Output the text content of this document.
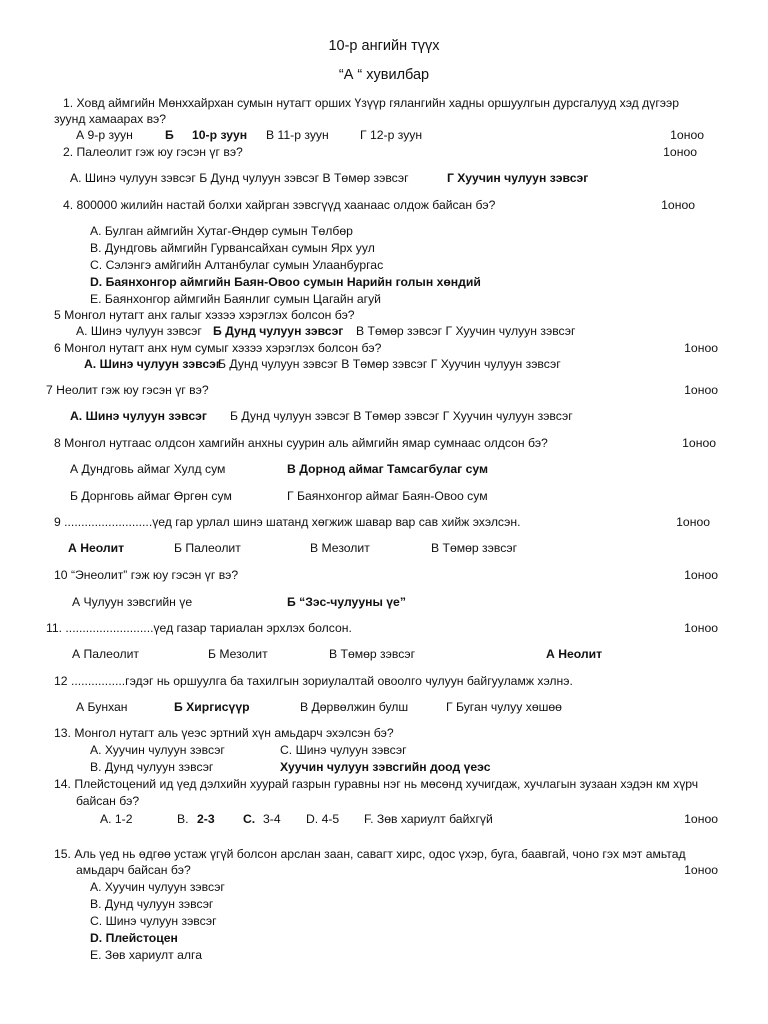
10-р ангийн түүх
“А “ хувилбар
1. Ховд аймгийн Мөнххайрхан сумын нутагт орших Үзүүр гялангийн хадны оршуулгын дурсгалууд хэд дүгээр
зуунд хамаарах вэ?
А 9-р зуун	Б 10-р зуун В 11-р зуун	Г 12-р зуун	1оноо
2. Палеолит гэж юу гэсэн үг вэ?	1оноо
А. Шинэ чулуун зэвсэг Б Дунд чулуун зэвсэг В Төмөр зэвсэг	Г Хуучин чулуун зэвсэг
4. 800000 жилийн настай болхи хайрган зэвсгүүд хаанаас олдож байсан бэ?	1оноо
A. Булган аймгийн Хутаг-Өндөр сумын Төлбөр
B. Дундговь аймгийн Гурвансайхан сумын Ярх уул
C. Сэлэнгэ амйгийн Алтанбулаг сумын Улаанбургас
D. Баянхонгор аймгийн Баян-Овоо сумын Нарийн голын хөндий
E. Баянхонгор аймгийн Баянлиг сумын Цагайн агуй
5 Монгол нутагт анх галыг хэзээ хэрэглэх болсон бэ?
А. Шинэ чулуун зэвсэг Б Дунд чулуун зэвсэг В Төмөр зэвсэг Г Хуучин чулуун зэвсэг
6 Монгол нутагт анх нум сумыг хэзээ хэрэглэх болсон бэ?	1оноо
А. Шинэ чулуун зэвсэг
Б Дунд чулуун зэвсэг В Төмөр зэвсэг Г Хуучин чулуун зэвсэг
7 Неолит гэж юу гэсэн үг вэ?	1оноо
А. Шинэ чулуун зэвсэг Б Дунд чулуун зэвсэг В Төмөр зэвсэг Г Хуучин чулуун зэвсэг
8 Монгол нутгаас олдсон хамгийн анхны суурин аль аймгийн ямар сумнаас олдсон бэ?	1оноо
А Дундговь аймаг Хулд сум	В Дорнод аймаг Тамсагбулаг сум
Б Дорнговь аймаг Өргөн сум	Г Баянхонгор аймаг Баян-Овоо сум
9 ..........................үед гар урлал шинэ шатанд хөгжиж шавар вар сав хийж эхэлсэн.	1оноо
А Неолит	Б Палеолит	В Мезолит	В Төмөр зэвсэг
10 “Энеолит” гэж юу гэсэн үг вэ?	1оноо
А Чулуун зэвсгийн үе	Б “Зэс-чулууны үе”
11. ..........................үед газар тариалан эрхлэх болсон.	1оноо
А Палеолит	Б Мезолит	В Төмөр зэвсэг	А Неолит
12 ................гэдэг нь оршуулга ба тахилгын зориулалтай овоолго чулуун байгууламж хэлнэ.
А Бунхан	Б Хиргисүүр	В Дөрвөлжин булш	Г Буган чулуу хөшөө
13. Монгол нутагт аль үеэс эртний хүн амьдарч эхэлсэн бэ?
A. Хуучин чулуун зэвсэг	C. Шинэ чулуун зэвсэг
B. Дунд чулуун зэвсэг	Хуучин чулуун зэвсгийн доод үеэс
14. Плейстоцений ид үед дэлхийн хуурай газрын гуравны нэг нь мөсөнд хучигдаж, хучлагын зузаан хэдэн км хүрч
байсан бэ?
A. 1-2	B. 2-3 C. 3-4 D. 4-5 F. Зөв хариулт байхгүй	1оноо
15. Аль үед нь өдгөө устаж үгүй болсон арслан заан, савагт хирс, одос үхэр, буга, баавгай, чоно гэх мэт амьтад
амьдарч байсан бэ?	1оноо
A. Хуучин чулуун зэвсэг
B. Дунд чулуун зэвсэг
C. Шинэ чулуун зэвсэг
D. Плейстоцен
E. Зөв хариулт алга
